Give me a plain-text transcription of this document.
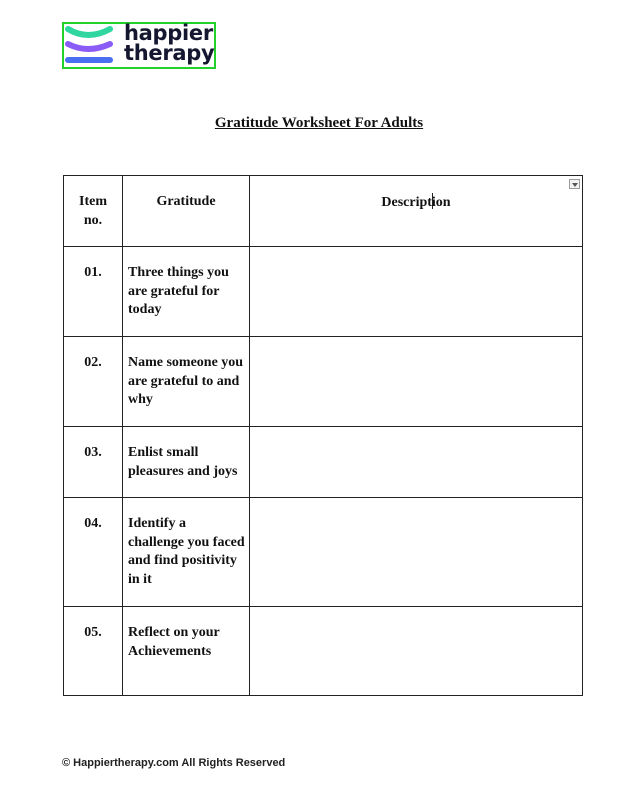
happier
therapy
Gratitude Worksheet For Adults
Item
no.	Gratitude	Description

01.	Three things you are grateful for today	
02.	Name someone you are grateful to and why	
03.	Enlist small pleasures and joys	
04.	Identify a challenge you faced and find positivity in it	
05.	Reflect on your Achievements	
© Happiertherapy.com All Rights Reserved
